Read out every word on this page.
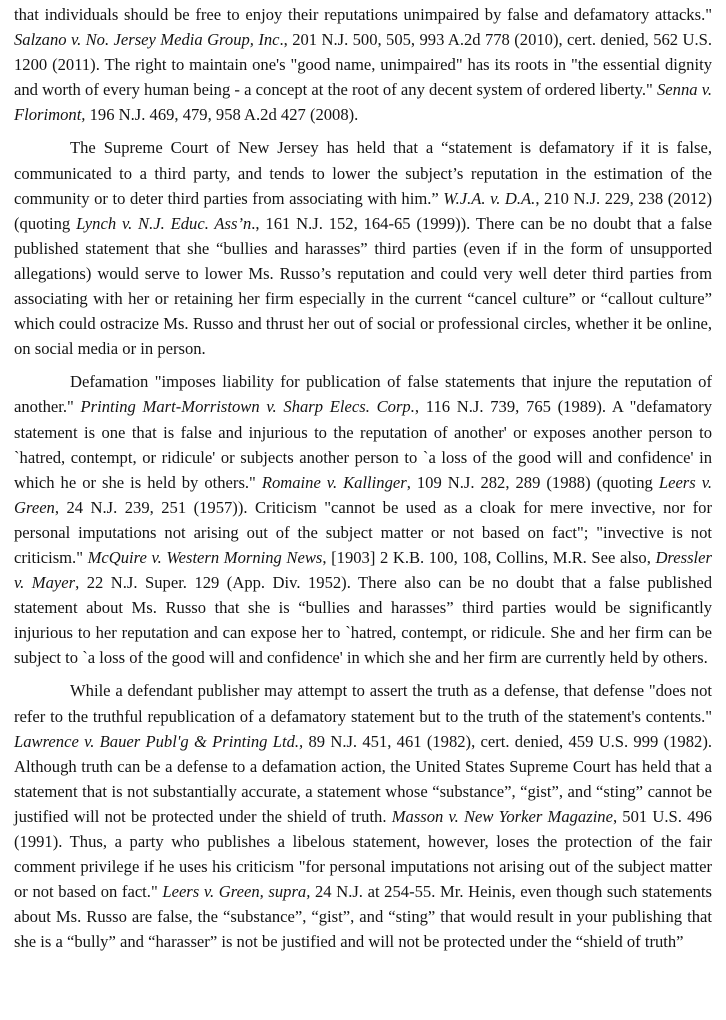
that individuals should be free to enjoy their reputations unimpaired by false and defamatory attacks." Salzano v. No. Jersey Media Group, Inc., 201 N.J. 500, 505, 993 A.2d 778 (2010), cert. denied, 562 U.S. 1200 (2011). The right to maintain one's "good name, unimpaired" has its roots in "the essential dignity and worth of every human being - a concept at the root of any decent system of ordered liberty." Senna v. Florimont, 196 N.J. 469, 479, 958 A.2d 427 (2008).

The Supreme Court of New Jersey has held that a “statement is defamatory if it is false, communicated to a third party, and tends to lower the subject’s reputation in the estimation of the community or to deter third parties from associating with him.” W.J.A. v. D.A., 210 N.J. 229, 238 (2012) (quoting Lynch v. N.J. Educ. Ass’n., 161 N.J. 152, 164-65 (1999)). There can be no doubt that a false published statement that she “bullies and harasses” third parties (even if in the form of unsupported allegations) would serve to lower Ms. Russo’s reputation and could very well deter third parties from associating with her or retaining her firm especially in the current “cancel culture” or “callout culture” which could ostracize Ms. Russo and thrust her out of social or professional circles, whether it be online, on social media or in person.

Defamation "imposes liability for publication of false statements that injure the reputation of another." Printing Mart-Morristown v. Sharp Elecs. Corp., 116 N.J. 739, 765 (1989). A "defamatory statement is one that is false and injurious to the reputation of another' or exposes another person to `hatred, contempt, or ridicule' or subjects another person to `a loss of the good will and confidence' in which he or she is held by others." Romaine v. Kallinger, 109 N.J. 282, 289 (1988) (quoting Leers v. Green, 24 N.J. 239, 251 (1957)). Criticism "cannot be used as a cloak for mere invective, nor for personal imputations not arising out of the subject matter or not based on fact"; "invective is not criticism." McQuire v. Western Morning News, [1903] 2 K.B. 100, 108, Collins, M.R. See also, Dressler v. Mayer, 22 N.J. Super. 129 (App. Div. 1952). There also can be no doubt that a false published statement about Ms. Russo that she is “bullies and harasses” third parties would be significantly injurious to her reputation and can expose her to `hatred, contempt, or ridicule. She and her firm can be subject to `a loss of the good will and confidence' in which she and her firm are currently held by others.

While a defendant publisher may attempt to assert the truth as a defense, that defense "does not refer to the truthful republication of a defamatory statement but to the truth of the statement's contents." Lawrence v. Bauer Publ'g & Printing Ltd., 89 N.J. 451, 461 (1982), cert. denied, 459 U.S. 999 (1982). Although truth can be a defense to a defamation action, the United States Supreme Court has held that a statement that is not substantially accurate, a statement whose “substance”, “gist”, and “sting” cannot be justified will not be protected under the shield of truth. Masson v. New Yorker Magazine, 501 U.S. 496 (1991). Thus, a party who publishes a libelous statement, however, loses the protection of the fair comment privilege if he uses his criticism "for personal imputations not arising out of the subject matter or not based on fact." Leers v. Green, supra, 24 N.J. at 254-55. Mr. Heinis, even though such statements about Ms. Russo are false, the “substance”, “gist”, and “sting” that would result in your publishing that she is a “bully” and “harasser” is not be justified and will not be protected under the “shield of truth”
